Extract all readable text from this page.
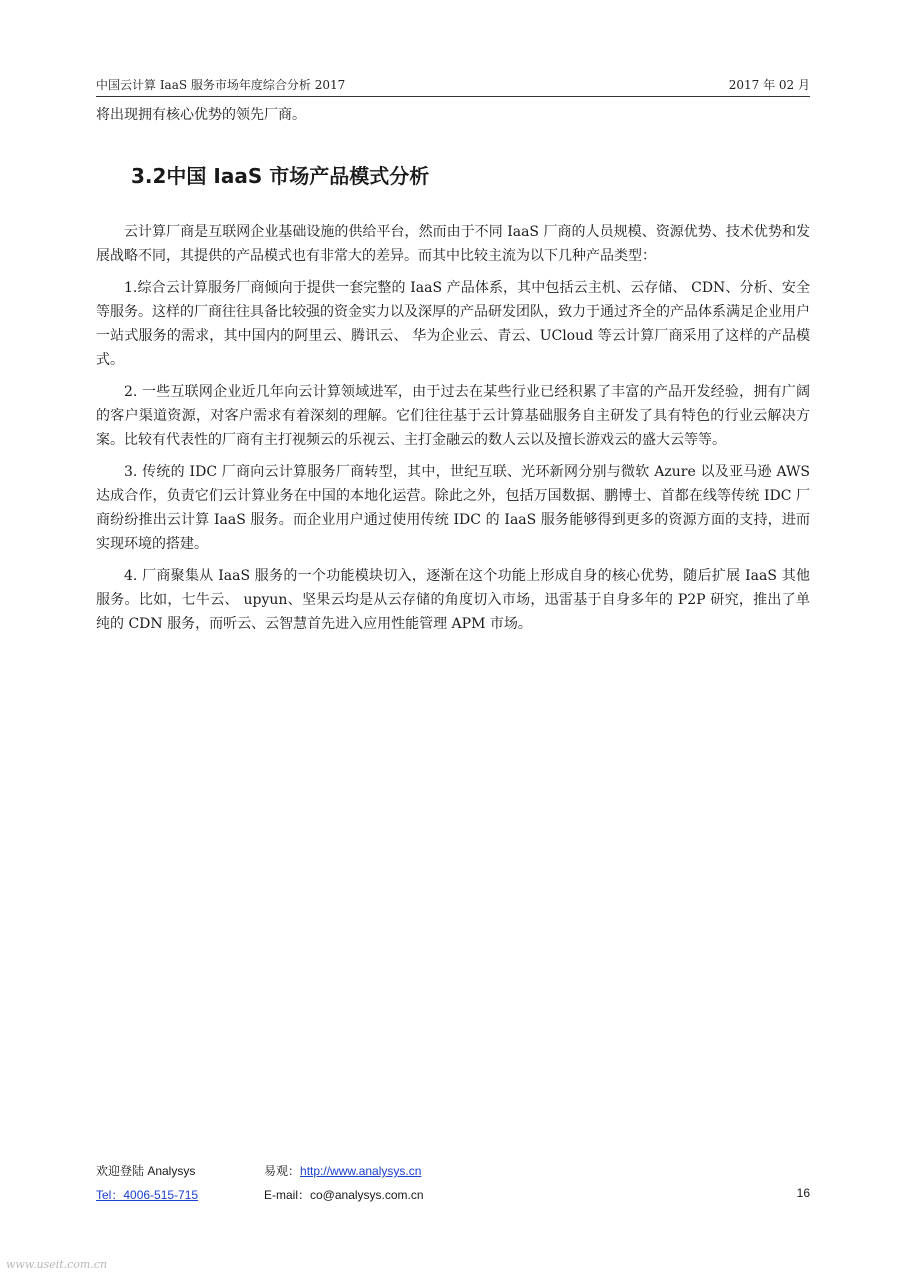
中国云计算 IaaS 服务市场年度综合分析 2017	2017 年 02 月
将出现拥有核心优势的领先厂商。
3.2中国 IaaS 市场产品模式分析

云计算厂商是互联网企业基础设施的供给平台，然而由于不同 IaaS 厂商的人员规模、资源优势、技术优势和发展战略不同，其提供的产品模式也有非常大的差异。而其中比较主流为以下几种产品类型：

1.综合云计算服务厂商倾向于提供一套完整的 IaaS 产品体系，其中包括云主机、云存储、 CDN、分析、安全等服务。这样的厂商往往具备比较强的资金实力以及深厚的产品研发团队，致力于通过齐全的产品体系满足企业用户一站式服务的需求，其中国内的阿里云、腾讯云、 华为企业云、青云、UCloud 等云计算厂商采用了这样的产品模式。

2. 一些互联网企业近几年向云计算领域进军，由于过去在某些行业已经积累了丰富的产品开发经验，拥有广阔的客户渠道资源，对客户需求有着深刻的理解。它们往往基于云计算基础服务自主研发了具有特色的行业云解决方案。比较有代表性的厂商有主打视频云的乐视云、主打金融云的数人云以及擅长游戏云的盛大云等等。

3. 传统的 IDC 厂商向云计算服务厂商转型，其中，世纪互联、光环新网分别与微软 Azure 以及亚马逊 AWS 达成合作，负责它们云计算业务在中国的本地化运营。除此之外，包括万国数据、鹏博士、首都在线等传统 IDC 厂商纷纷推出云计算 IaaS 服务。而企业用户通过使用传统 IDC 的 IaaS 服务能够得到更多的资源方面的支持，进而实现环境的搭建。

4. 厂商聚集从 IaaS 服务的一个功能模块切入，逐渐在这个功能上形成自身的核心优势，随后扩展 IaaS 其他服务。比如，七牛云、 upyun、坚果云均是从云存储的角度切入市场，迅雷基于自身多年的 P2P 研究，推出了单纯的 CDN 服务，而听云、云智慧首先进入应用性能管理 APM 市场。

欢迎登陆 Analysys	易观：http://www.analysys.cn
Tel：4006-515-715	E-mail：co@analysys.com.cn	16
www.useit.com.cn
